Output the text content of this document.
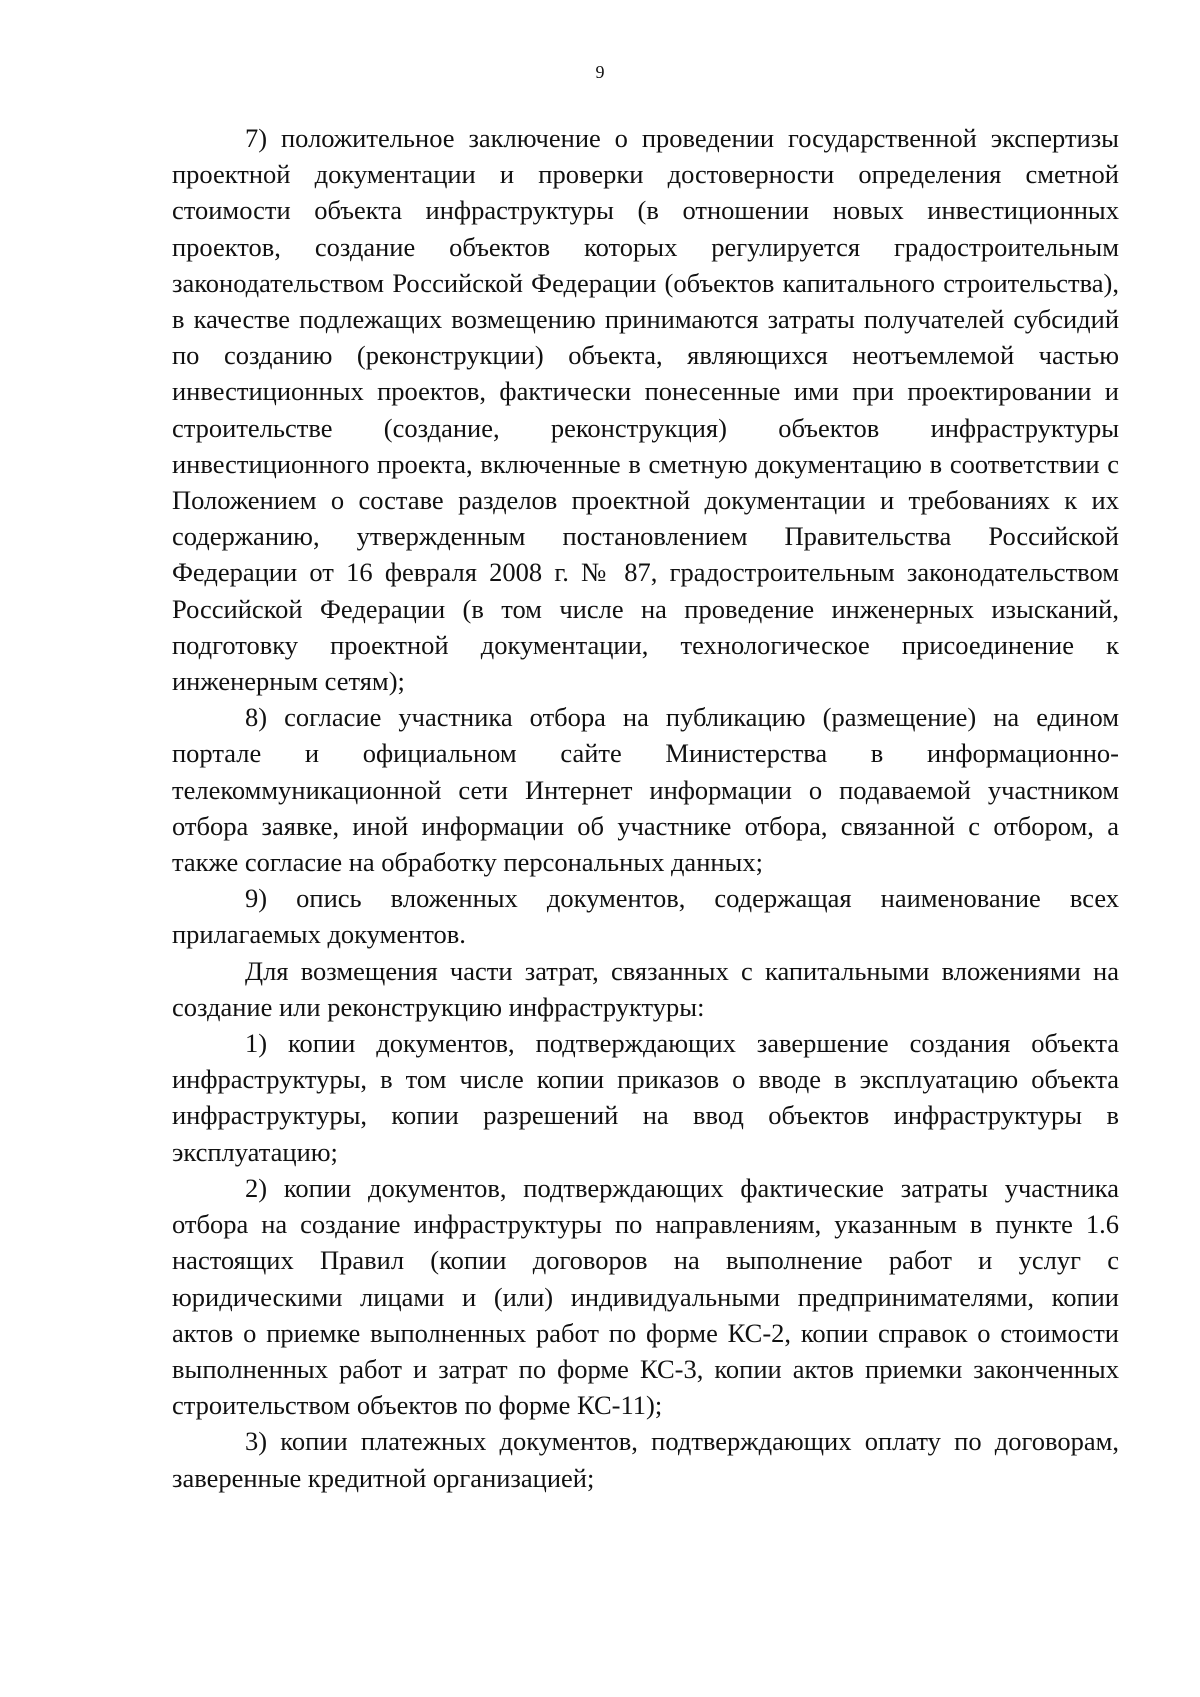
9

7) положительное заключение о проведении государственной экспертизы проектной документации и проверки достоверности определения сметной стоимости объекта инфраструктуры (в отношении новых инвестиционных проектов, создание объектов которых регулируется градостроительным законодательством Российской Федерации (объектов капитального строительства), в качестве подлежащих возмещению принимаются затраты получателей субсидий по созданию (реконструкции) объекта, являющихся неотъемлемой частью инвестиционных проектов, фактически понесенные ими при проектировании и строительстве (создание, реконструкция) объектов инфраструктуры инвестиционного проекта, включенные в сметную документацию в соответствии с Положением о составе разделов проектной документации и требованиях к их содержанию, утвержденным постановлением Правительства Российской Федерации от 16 февраля 2008 г. № 87, градостроительным законодательством Российской Федерации (в том числе на проведение инженерных изысканий, подготовку проектной документации, технологическое присоединение к инженерным сетям);

8) согласие участника отбора на публикацию (размещение) на едином портале и официальном сайте Министерства в информационно-телекоммуникационной сети Интернет информации о подаваемой участником отбора заявке, иной информации об участнике отбора, связанной с отбором, а также согласие на обработку персональных данных;

9) опись вложенных документов, содержащая наименование всех прилагаемых документов.

Для возмещения части затрат, связанных с капитальными вложениями на создание или реконструкцию инфраструктуры:

1) копии документов, подтверждающих завершение создания объекта инфраструктуры, в том числе копии приказов о вводе в эксплуатацию объекта инфраструктуры, копии разрешений на ввод объектов инфраструктуры в эксплуатацию;

2) копии документов, подтверждающих фактические затраты участника отбора на создание инфраструктуры по направлениям, указанным в пункте 1.6 настоящих Правил (копии договоров на выполнение работ и услуг с юридическими лицами и (или) индивидуальными предпринимателями, копии актов о приемке выполненных работ по форме КС-2, копии справок о стоимости выполненных работ и затрат по форме КС-3, копии актов приемки законченных строительством объектов по форме КС-11);

3) копии платежных документов, подтверждающих оплату по договорам, заверенные кредитной организацией;
